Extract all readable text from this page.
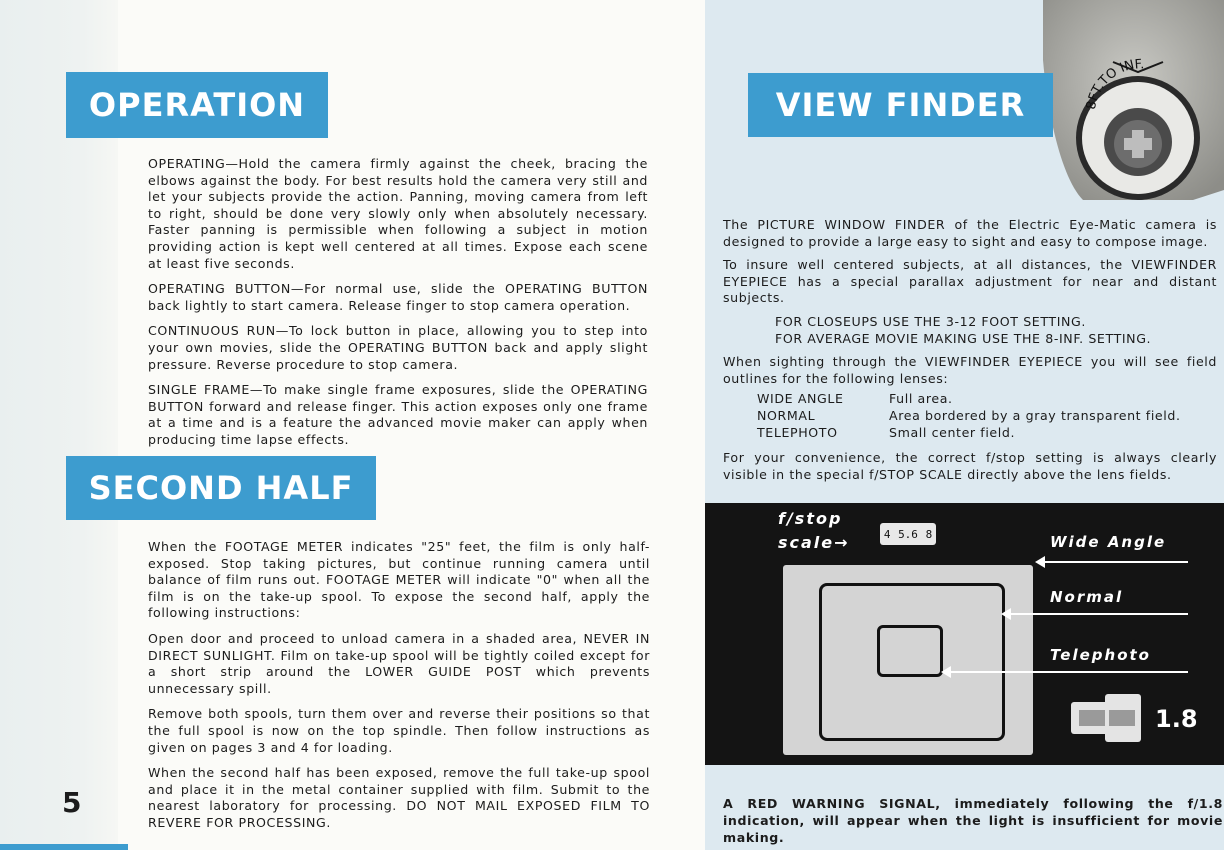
OPERATION

OPERATING—Hold the camera firmly against the cheek, bracing the elbows against the body. For best results hold the camera very still and let your subjects provide the action. Panning, moving camera from left to right, should be done very slowly only when absolutely necessary. Faster panning is permissible when following a subject in motion providing action is kept well centered at all times. Expose each scene at least five seconds.

OPERATING BUTTON—For normal use, slide the OPERATING BUTTON back lightly to start camera. Release finger to stop camera operation.

CONTINUOUS RUN—To lock button in place, allowing you to step into your own movies, slide the OPERATING BUTTON back and apply slight pressure. Reverse procedure to stop camera.

SINGLE FRAME—To make single frame exposures, slide the OPERATING BUTTON forward and release finger. This action exposes only one frame at a time and is a feature the advanced movie maker can apply when producing time lapse effects.

SECOND HALF

When the FOOTAGE METER indicates "25" feet, the film is only half-exposed. Stop taking pictures, but continue running camera until balance of film runs out. FOOTAGE METER will indicate "0" when all the film is on the take-up spool. To expose the second half, apply the following instructions:

Open door and proceed to unload camera in a shaded area, NEVER IN DIRECT SUNLIGHT. Film on take-up spool will be tightly coiled except for a short strip around the LOWER GUIDE POST which prevents unnecessary spill.

Remove both spools, turn them over and reverse their positions so that the full spool is now on the top spindle. Then follow instructions as given on pages 3 and 4 for loading.

When the second half has been exposed, remove the full take-up spool and place it in the metal container supplied with film. Submit to the nearest laboratory for processing. DO NOT MAIL EXPOSED FILM TO REVERE FOR PROCESSING.

5
8FT.TO INF.
VIEW FINDER

The PICTURE WINDOW FINDER of the Electric Eye-Matic camera is designed to provide a large easy to sight and easy to compose image.

To insure well centered subjects, at all distances, the VIEWFINDER EYEPIECE has a special parallax adjustment for near and distant subjects.

FOR CLOSEUPS USE THE 3-12 FOOT SETTING.

FOR AVERAGE MOVIE MAKING USE THE 8-INF. SETTING.

When sighting through the VIEWFINDER EYEPIECE you will see field outlines for the following lenses:

WIDE ANGLE	Full area.
NORMAL	Area bordered by a gray transparent field.
TELEPHOTO	Small center field.

For your convenience, the correct f/stop setting is always clearly visible in the special f/STOP SCALE directly above the lens fields.

f/stop
scale→	4 5.6 8	Wide Angle
Normal
Telephoto
1.8
A RED WARNING SIGNAL, immediately following the f/1.8 indication, will appear when the light is insufficient for movie making.
